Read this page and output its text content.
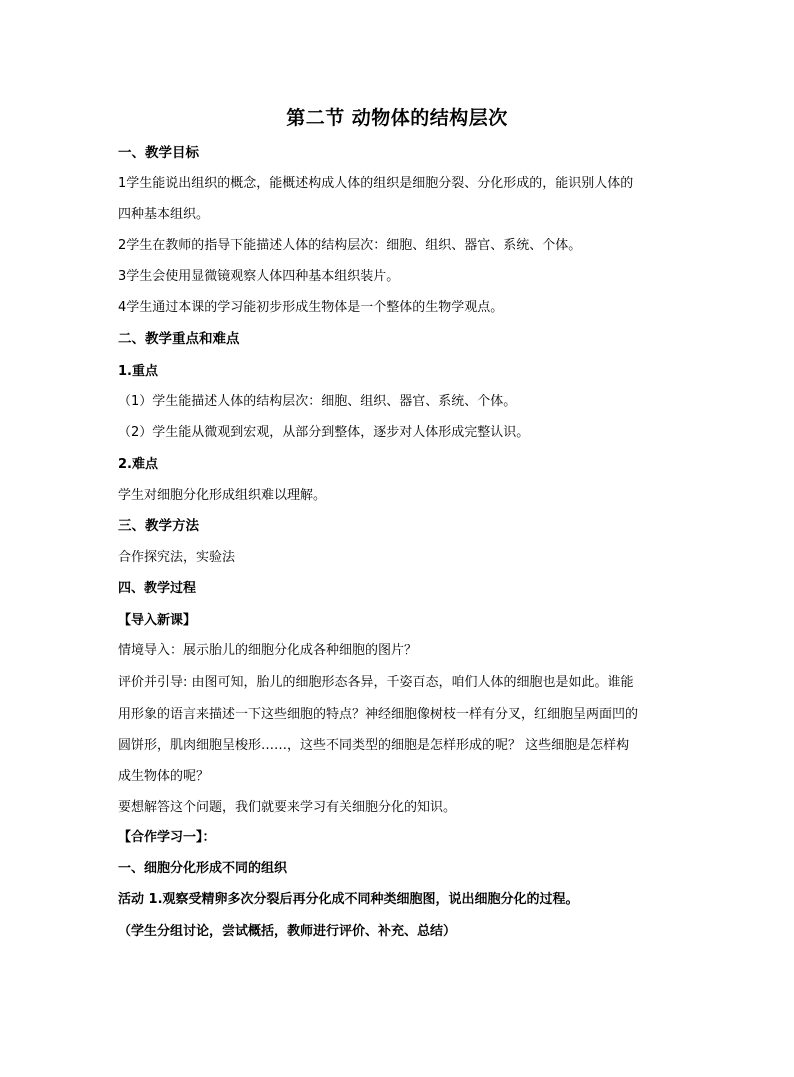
第二节 动物体的结构层次
一、教学目标
1学生能说出组织的概念，能概述构成人体的组织是细胞分裂、分化形成的，能识别人体的
四种基本组织。
2学生在教师的指导下能描述人体的结构层次：细胞、组织、器官、系统、个体。
3学生会使用显微镜观察人体四种基本组织装片。
4学生通过本课的学习能初步形成生物体是一个整体的生物学观点。
二、教学重点和难点
1.重点
（1）学生能描述人体的结构层次：细胞、组织、器官、系统、个体。
（2）学生能从微观到宏观，从部分到整体，逐步对人体形成完整认识。
2.难点
学生对细胞分化形成组织难以理解。
三、教学方法
合作探究法，实验法
四、教学过程
【导入新课】
情境导入：展示胎儿的细胞分化成各种细胞的图片？
评价并引导: 由图可知，胎儿的细胞形态各异，千姿百态，咱们人体的细胞也是如此。谁能
用形象的语言来描述一下这些细胞的特点？神经细胞像树枝一样有分叉，红细胞呈两面凹的
圆饼形，肌肉细胞呈梭形……，这些不同类型的细胞是怎样形成的呢？ 这些细胞是怎样构
成生物体的呢？
要想解答这个问题，我们就要来学习有关细胞分化的知识。
【合作学习一】：
一、细胞分化形成不同的组织
活动 1.观察受精卵多次分裂后再分化成不同种类细胞图，说出细胞分化的过程。
（学生分组讨论，尝试概括，教师进行评价、补充、总结）
